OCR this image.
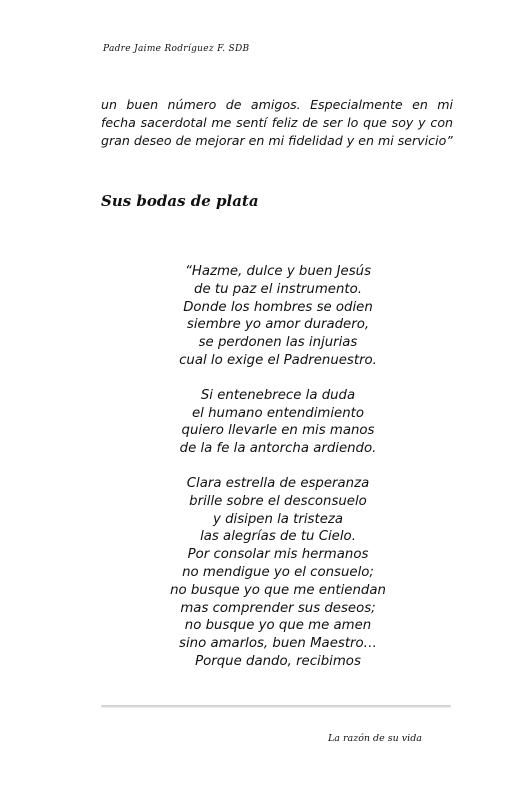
Padre Jaime Rodríguez F. SDB
un buen número de amigos. Especialmente en mi fecha sacerdotal me sentí feliz de ser lo que soy y con gran deseo de mejorar en mi fidelidad y en mi servicio”
Sus bodas de plata
“Hazme, dulce y buen Jesús
de tu paz el instrumento.
Donde los hombres se odien
siembre yo amor duradero,
se perdonen las injurias
cual lo exige el Padrenuestro.
Si entenebrece la duda
el humano entendimiento
quiero llevarle en mis manos
de la fe la antorcha ardiendo.
Clara estrella de esperanza
brille sobre el desconsuelo
y disipen la tristeza
las alegrías de tu Cielo.
Por consolar mis hermanos
no mendigue yo el consuelo;
no busque yo que me entiendan
mas comprender sus deseos;
no busque yo que me amen
sino amarlos, buen Maestro…
Porque dando, recibimos
La razón de su vida
